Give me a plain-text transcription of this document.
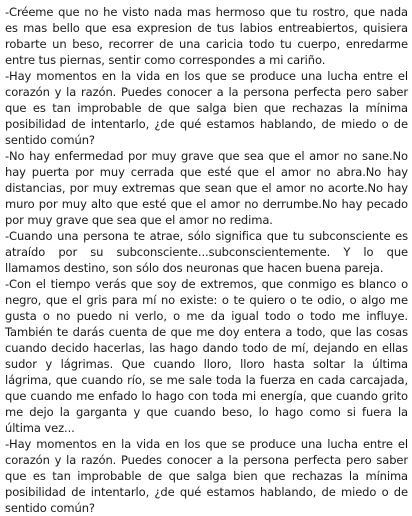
-Créeme que no he visto nada mas hermoso que tu rostro, que nada es mas bello que esa expresion de tus labios entreabiertos, quisiera robarte un beso, recorrer de una caricia todo tu cuerpo, enredarme entre tus piernas, sentir como correspondes a mi cariño.

-Hay momentos en la vida en los que se produce una lucha entre el corazón y la razón. Puedes conocer a la persona perfecta pero saber que es tan improbable de que salga bien que rechazas la mínima posibilidad de intentarlo, ¿de qué estamos hablando, de miedo o de sentido común?

-No hay enfermedad por muy grave que sea que el amor no sane.No hay puerta por muy cerrada que esté que el amor no abra.No hay distancias, por muy extremas que sean que el amor no acorte.No hay muro por muy alto que esté que el amor no derrumbe.No hay pecado por muy grave que sea que el amor no redima.

-Cuando una persona te atrae, sólo significa que tu subconsciente es atraído por su subconsciente...subconscientemente. Y lo que llamamos destino, son sólo dos neuronas que hacen buena pareja.

-Con el tiempo verás que soy de extremos, que conmigo es blanco o negro, que el gris para mí no existe: o te quiero o te odio, o algo me gusta o no puedo ni verlo, o me da igual todo o todo me influye. También te darás cuenta de que me doy entera a todo, que las cosas cuando decido hacerlas, las hago dando todo de mí, dejando en ellas sudor y lágrimas. Que cuando lloro, lloro hasta soltar la última lágrima, que cuando río, se me sale toda la fuerza en cada carcajada, que cuando me enfado lo hago con toda mi energía, que cuando grito me dejo la garganta y que cuando beso, lo hago como si fuera la última vez...

-Hay momentos en la vida en los que se produce una lucha entre el corazón y la razón. Puedes conocer a la persona perfecta pero saber que es tan improbable de que salga bien que rechazas la mínima posibilidad de intentarlo, ¿de qué estamos hablando, de miedo o de sentido común?
